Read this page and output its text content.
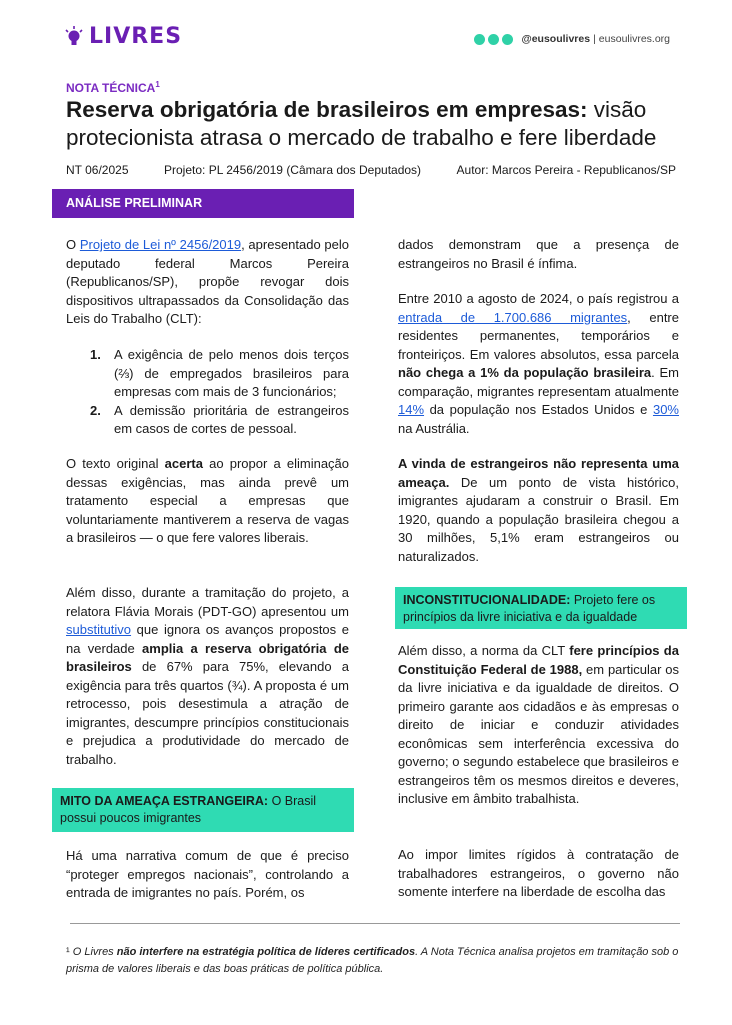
LIVRES	@eusoulivres | eusoulivres.org
NOTA TÉCNICA$^1$
Reserva obrigatória de brasileiros em empresas: visão protecionista atrasa o mercado de trabalho e fere liberdade
NT 06/2025	Projeto: PL 2456/2019 (Câmara dos Deputados)	Autor: Marcos Pereira - Republicanos/SP
ANÁLISE PRELIMINAR

O Projeto de Lei nº 2456/2019, apresentado pelo deputado federal Marcos Pereira (Republicanos/SP), propõe revogar dois dispositivos ultrapassados da Consolidação das Leis do Trabalho (CLT):

1. A exigência de pelo menos dois terços (⅔) de empregados brasileiros para empresas com mais de 3 funcionários;
2. A demissão prioritária de estrangeiros em casos de cortes de pessoal.

O texto original acerta ao propor a eliminação dessas exigências, mas ainda prevê um tratamento especial a empresas que voluntariamente mantiverem a reserva de vagas a brasileiros — o que fere valores liberais.

Além disso, durante a tramitação do projeto, a relatora Flávia Morais (PDT-GO) apresentou um substitutivo que ignora os avanços propostos e na verdade amplia a reserva obrigatória de brasileiros de 67% para 75%, elevando a exigência para três quartos (¾). A proposta é um retrocesso, pois desestimula a atração de imigrantes, descumpre princípios constitucionais e prejudica a produtividade do mercado de trabalho.

MITO DA AMEAÇA ESTRANGEIRA: O Brasil possui poucos imigrantes

Há uma narrativa comum de que é preciso “proteger empregos nacionais”, controlando a entrada de imigrantes no país. Porém, os

dados demonstram que a presença de estrangeiros no Brasil é ínfima.

Entre 2010 a agosto de 2024, o país registrou a entrada de 1.700.686 migrantes, entre residentes permanentes, temporários e fronteiriços. Em valores absolutos, essa parcela não chega a 1% da população brasileira. Em comparação, migrantes representam atualmente 14% da população nos Estados Unidos e 30% na Austrália.

A vinda de estrangeiros não representa uma ameaça. De um ponto de vista histórico, imigrantes ajudaram a construir o Brasil. Em 1920, quando a população brasileira chegou a 30 milhões, 5,1% eram estrangeiros ou naturalizados.

INCONSTITUCIONALIDADE: Projeto fere os princípios da livre iniciativa e da igualdade

Além disso, a norma da CLT fere princípios da Constituição Federal de 1988, em particular os da livre iniciativa e da igualdade de direitos. O primeiro garante aos cidadãos e às empresas o direito de iniciar e conduzir atividades econômicas sem interferência excessiva do governo; o segundo estabelece que brasileiros e estrangeiros têm os mesmos direitos e deveres, inclusive em âmbito trabalhista.

Ao impor limites rígidos à contratação de trabalhadores estrangeiros, o governo não somente interfere na liberdade de escolha das

¹ O Livres não interfere na estratégia política de líderes certificados. A Nota Técnica analisa projetos em tramitação sob o prisma de valores liberais e das boas práticas de política pública.
